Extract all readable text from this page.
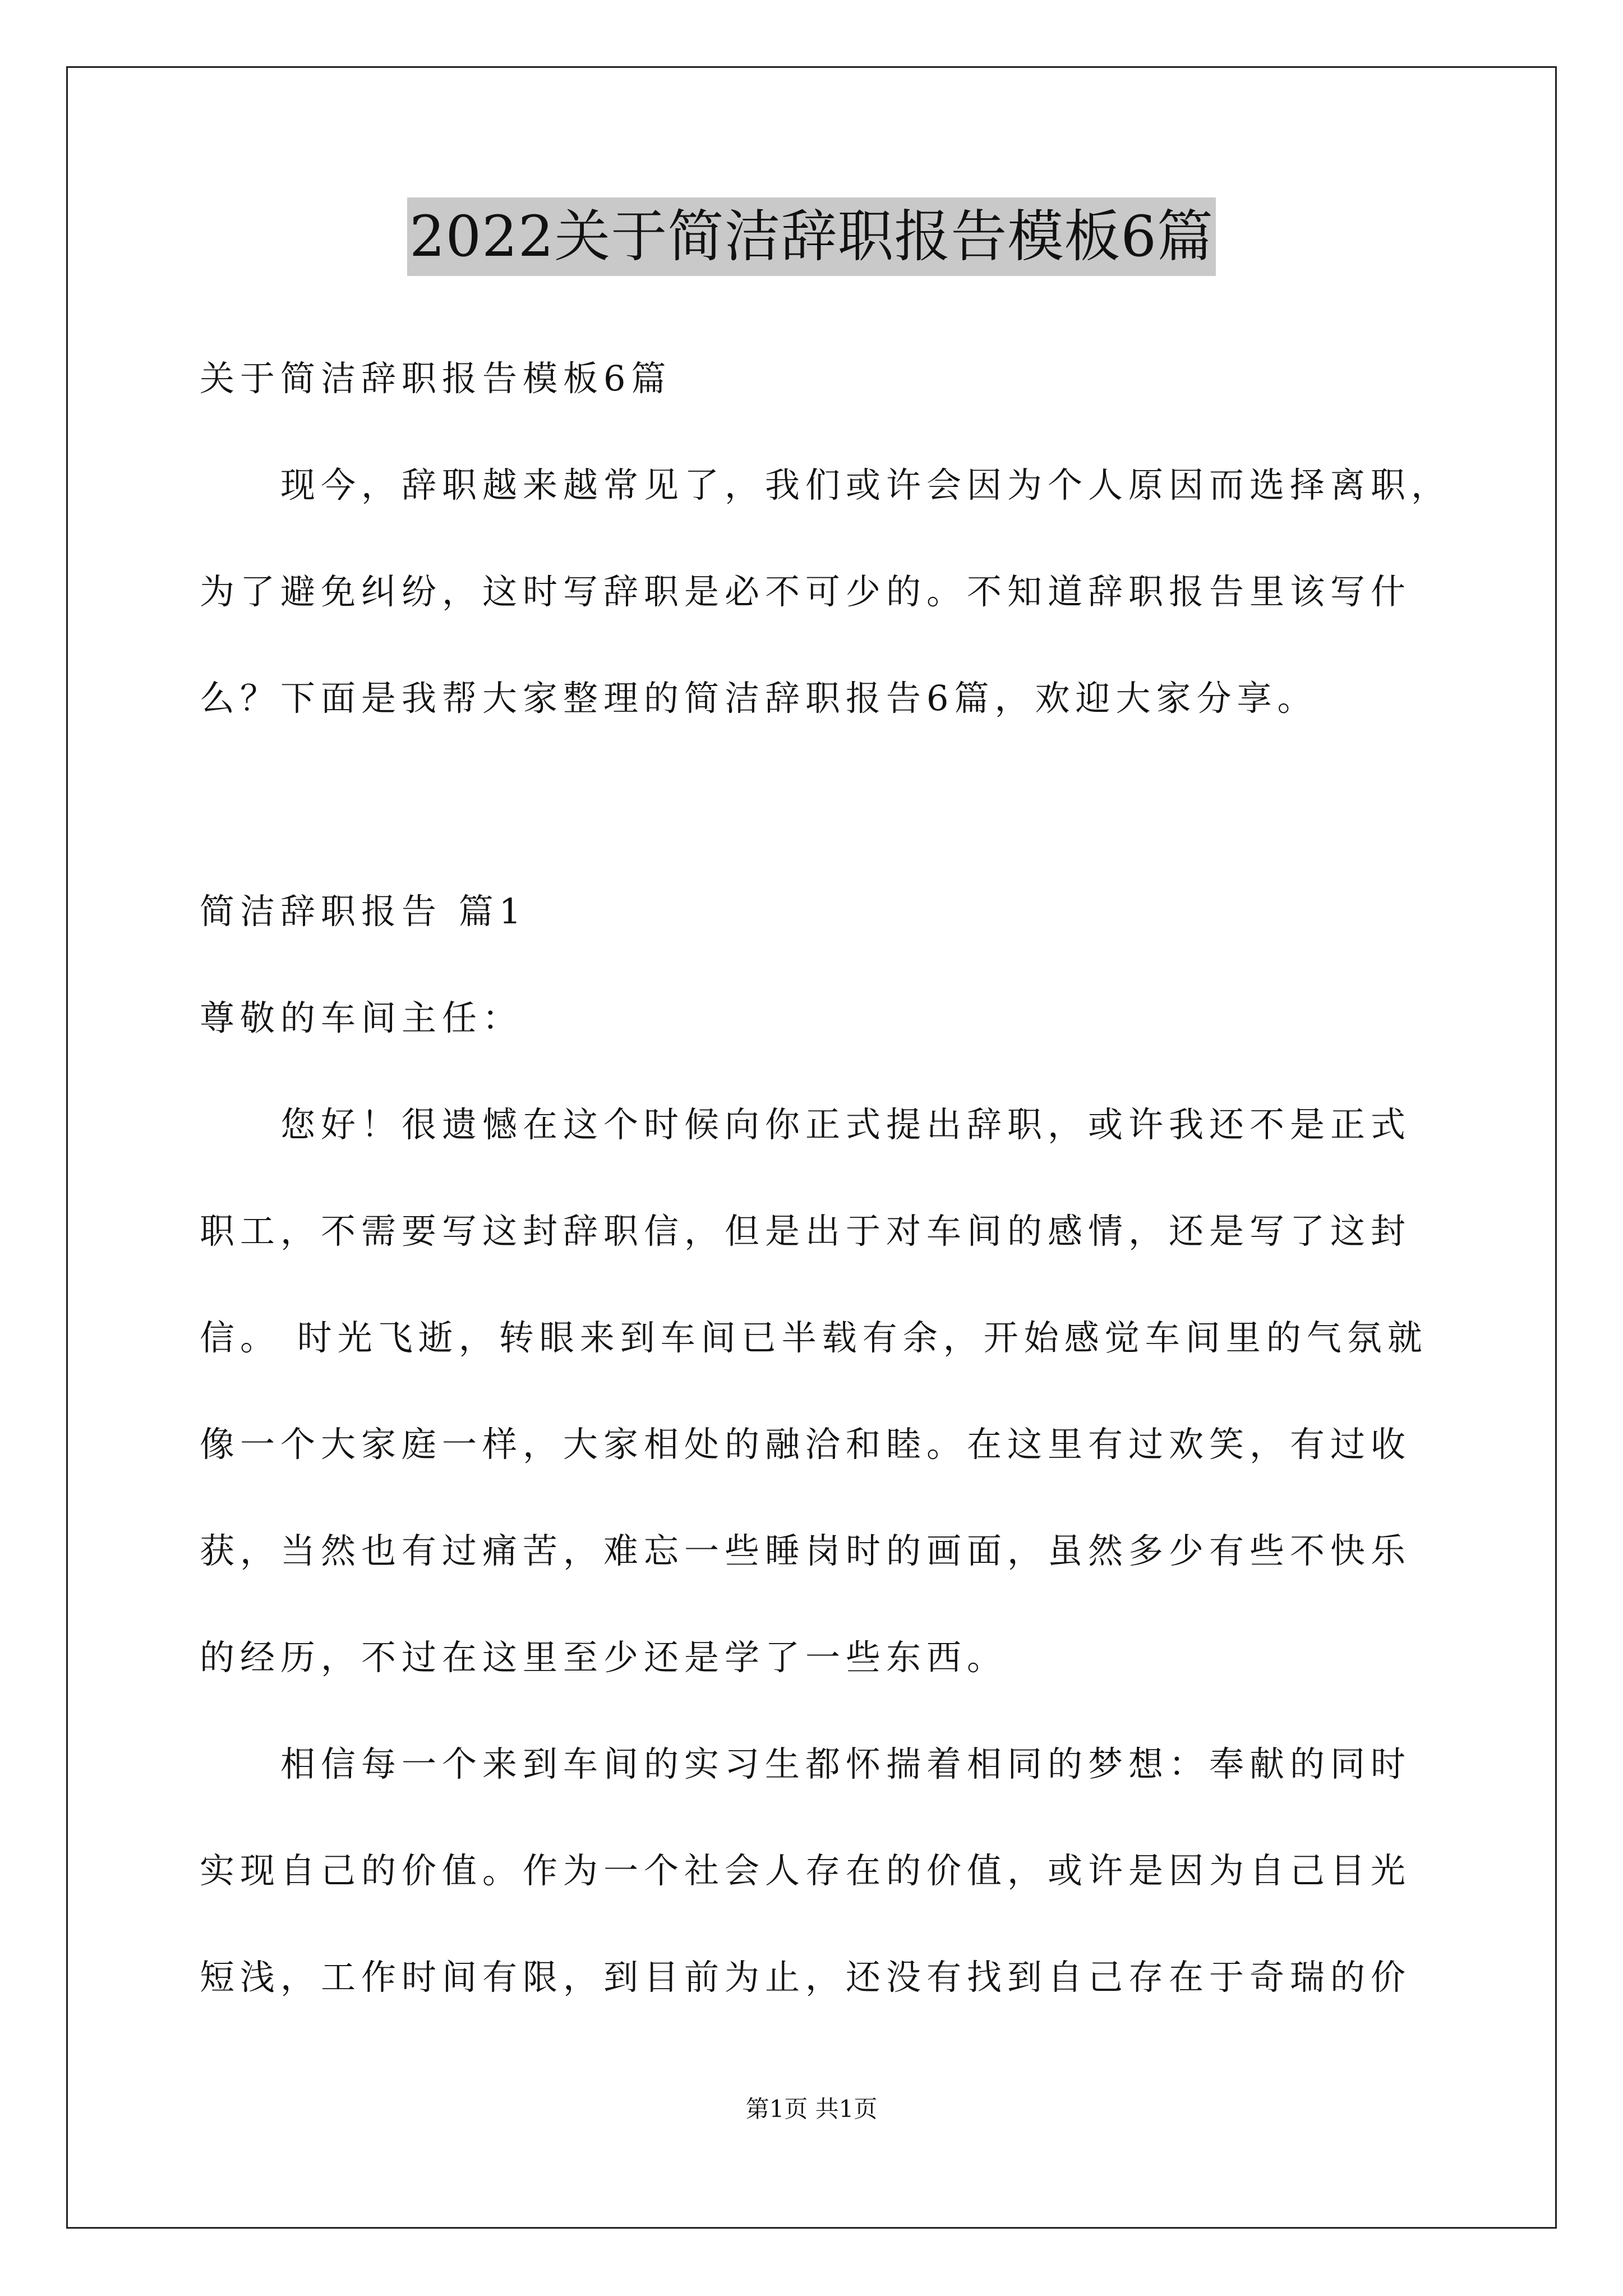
2022关于简洁辞职报告模板6篇
关于简洁辞职报告模板6篇
现今，辞职越来越常见了，我们或许会因为个人原因而选择离职，
为了避免纠纷，这时写辞职是必不可少的。不知道辞职报告里该写什
么？下面是我帮大家整理的简洁辞职报告6篇，欢迎大家分享。
简洁辞职报告 篇1
尊敬的车间主任：
您好！很遗憾在这个时候向你正式提出辞职，或许我还不是正式
职工，不需要写这封辞职信，但是出于对车间的感情，还是写了这封
信。 时光飞逝，转眼来到车间已半载有余，开始感觉车间里的气氛就
像一个大家庭一样，大家相处的融洽和睦。在这里有过欢笑，有过收
获，当然也有过痛苦，难忘一些睡岗时的画面，虽然多少有些不快乐
的经历，不过在这里至少还是学了一些东西。
相信每一个来到车间的实习生都怀揣着相同的梦想：奉献的同时
实现自己的价值。作为一个社会人存在的价值，或许是因为自己目光
短浅，工作时间有限，到目前为止，还没有找到自己存在于奇瑞的价
第1页 共1页
